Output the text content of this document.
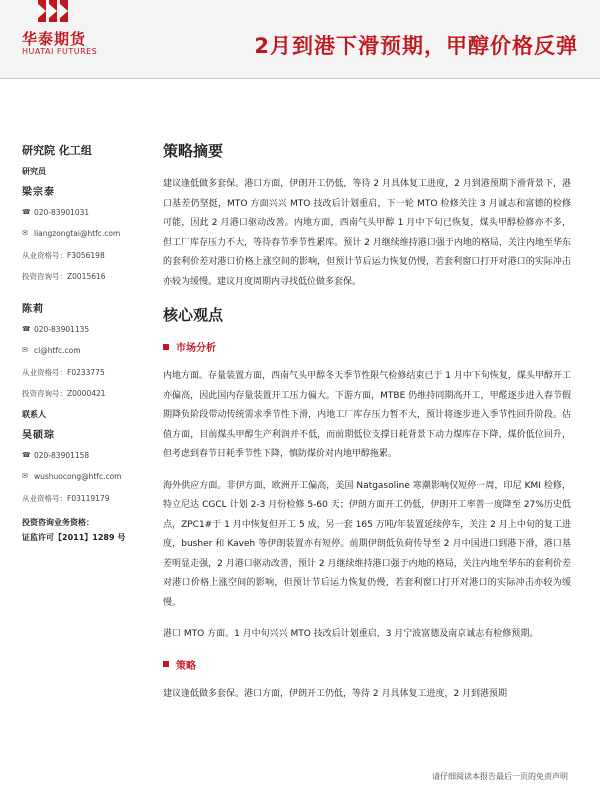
华泰期货
HUATAI FUTURES	2月到港下滑预期，甲醇价格反弹
研究院 化工组
研究员
梁宗泰
☎ 020-83901031
✉ liangzongtai@htfc.com
从业资格号：F3056198
投资咨询号：Z0015616
陈莉
☎ 020-83901135
✉ cl@htfc.com
从业资格号：F0233775
投资咨询号：Z0000421
联系人
吴硕琮
☎ 020-83901158
✉ wushuocong@htfc.com
从业资格号：F03119179
投资咨询业务资格：
证监许可【2011】1289 号
策略摘要

建议逢低做多套保。港口方面，伊朗开工仍低，等待 2 月具体复工进度，2 月到港预期下滑背景下，港口基差仍坚挺，MTO 方面兴兴 MTO 技改后计划重启，下一轮 MTO 检修关注 3 月诚志和富德的检修可能，因此 2 月港口驱动改善。内地方面，西南气头甲醇 1 月中下旬已恢复，煤头甲醇检修亦不多，但工厂库存压力不大，等待春节季节性累库。预计 2 月继续维持港口强于内地的格局，关注内地至华东的套利价差对港口价格上涨空间的影响，但预计节后运力恢复仍慢，若套利窗口打开对港口的实际冲击亦较为缓慢。建议月度周期内寻找低位做多套保。

核心观点
市场分析

内地方面。存量装置方面，西南气头甲醇冬天季节性限气检修结束已于 1 月中下旬恢复，煤头甲醇开工亦偏高，因此国内存量装置开工压力偏大。下游方面，MTBE 仍维持同期高开工，甲醛逐步进入春节假期降负阶段带动传统需求季节性下滑，内地工厂库存压力暂不大，预计将逐步进入季节性回升阶段。估值方面，目前煤头甲醇生产利润并不低，而前期低位支撑日耗背景下动力煤库存下降，煤价低位回升，但考虑到春节日耗季节性下降，慎防煤价对内地甲醇拖累。

海外供应方面。非伊方面，欧洲开工偏高，美国 Natgasoline 寒潮影响仅短停一周，印尼 KMI 检修，特立尼达 CGCL 计划 2-3 月份检修 5-60 天；伊朗方面开工仍低，伊朗开工率普一度降至 27%历史低点，ZPC1#于 1 月中恢复但开工 5 成，另一套 165 万吨/年装置延续停车，关注 2 月上中旬的复工进度，busher 和 Kaveh 等伊朗装置亦有短停。前期伊朗低负荷传导至 2 月中国进口到港下滑，港口基差明显走强，2 月港口驱动改善，预计 2 月继续维持港口强于内地的格局，关注内地至华东的套利价差对港口价格上涨空间的影响，但预计节后运力恢复仍慢，若套利窗口打开对港口的实际冲击亦较为缓慢。

港口 MTO 方面。1 月中旬兴兴 MTO 技改后计划重启，3 月宁波富德及南京诚志有检修预期。

策略

建议逢低做多套保。港口方面，伊朗开工仍低，等待 2 月具体复工进度，2 月到港预期

请仔细阅读本报告最后一页的免责声明
